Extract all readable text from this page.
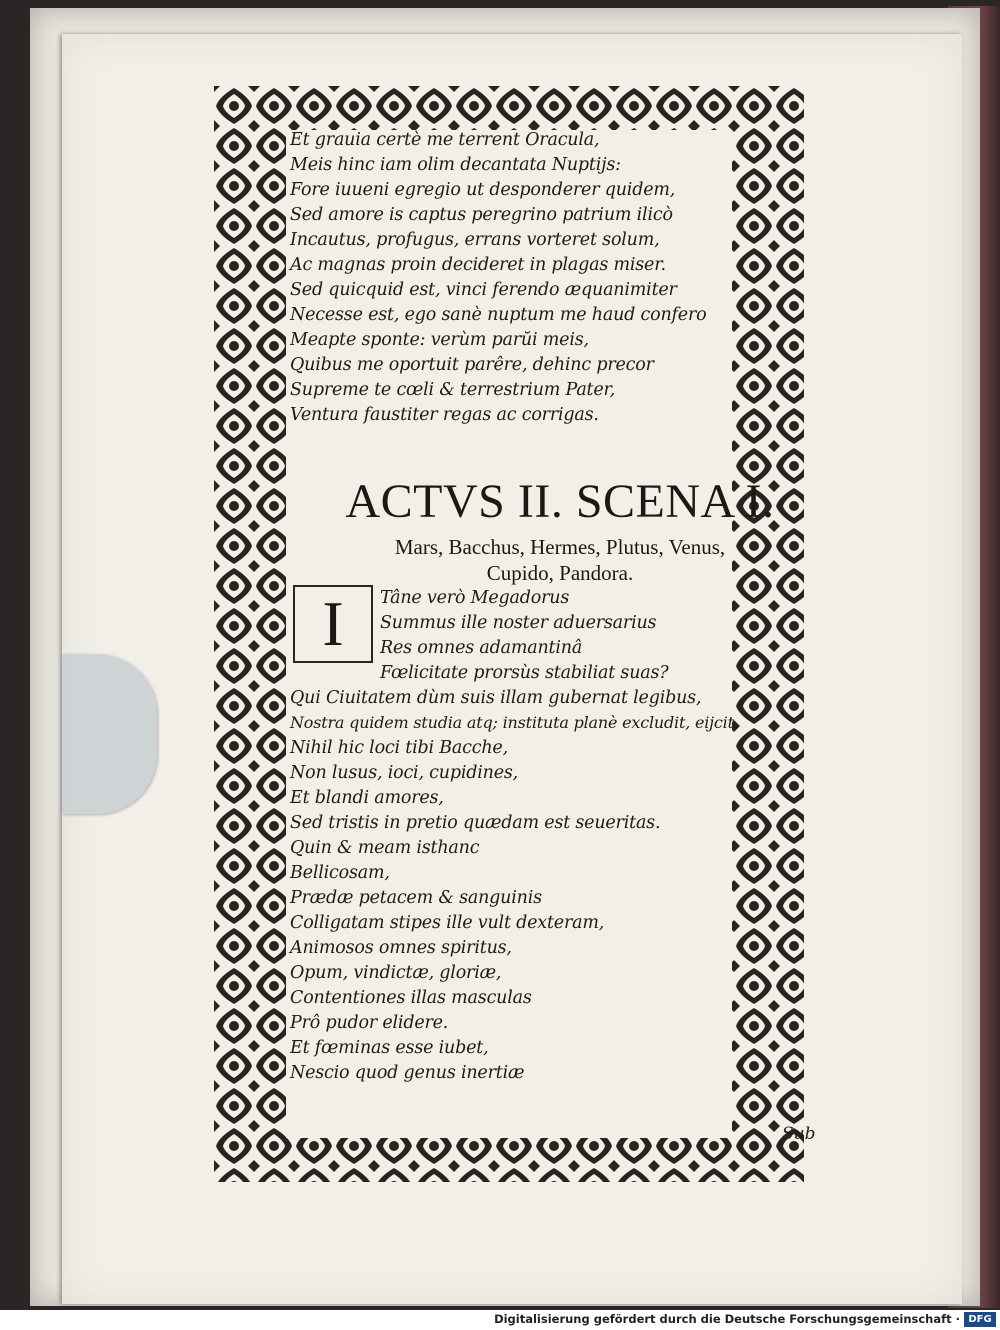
Et grauia certè me terrent Oracula,
Meis hinc iam olim decantata Nuptijs:
Fore iuueni egregio ut desponderer quidem,
Sed amore is captus peregrino patrium ilicò
Incautus, profugus, errans vorteret solum,
Ac magnas proin decideret in plagas miser.
Sed quicquid est, vinci ferendo æquanimiter
Necesse est, ego sanè nuptum me haud confero
Meapte sponte: verùm parŭi meis,
Quibus me oportuit parêre, dehinc precor
Supreme te cœli & terrestrium Pater,
Ventura faustiter regas ac corrigas.
ACTVS II. SCENA I.
Mars, Bacchus, Hermes, Plutus, Venus,
Cupido, Pandora.
I	Tâne verò Megadorus
Summus ille noster aduersarius
Res omnes adamantinâ
Fœlicitate prorsùs stabiliat suas?
Qui Ciuitatem dùm suis illam gubernat legibus,
Nostra quidem studia atq; instituta planè excludit, eijcit,
Nihil hic loci tibi Bacche,
Non lusus, ioci, cupidines,
Et blandi amores,
Sed tristis in pretio quædam est seueritas.
Quin & meam isthanc
Bellicosam,
Prædæ petacem & sanguinis
Colligatam stipes ille vult dexteram,
Animosos omnes spiritus,
Opum, vindictæ, gloriæ,
Contentiones illas masculas
Prô pudor elidere.
Et fœminas esse iubet,
Nescio quod genus inertiæ
Sub
Digitalisierung gefördert durch die Deutsche Forschungsgemeinschaft · DFG
